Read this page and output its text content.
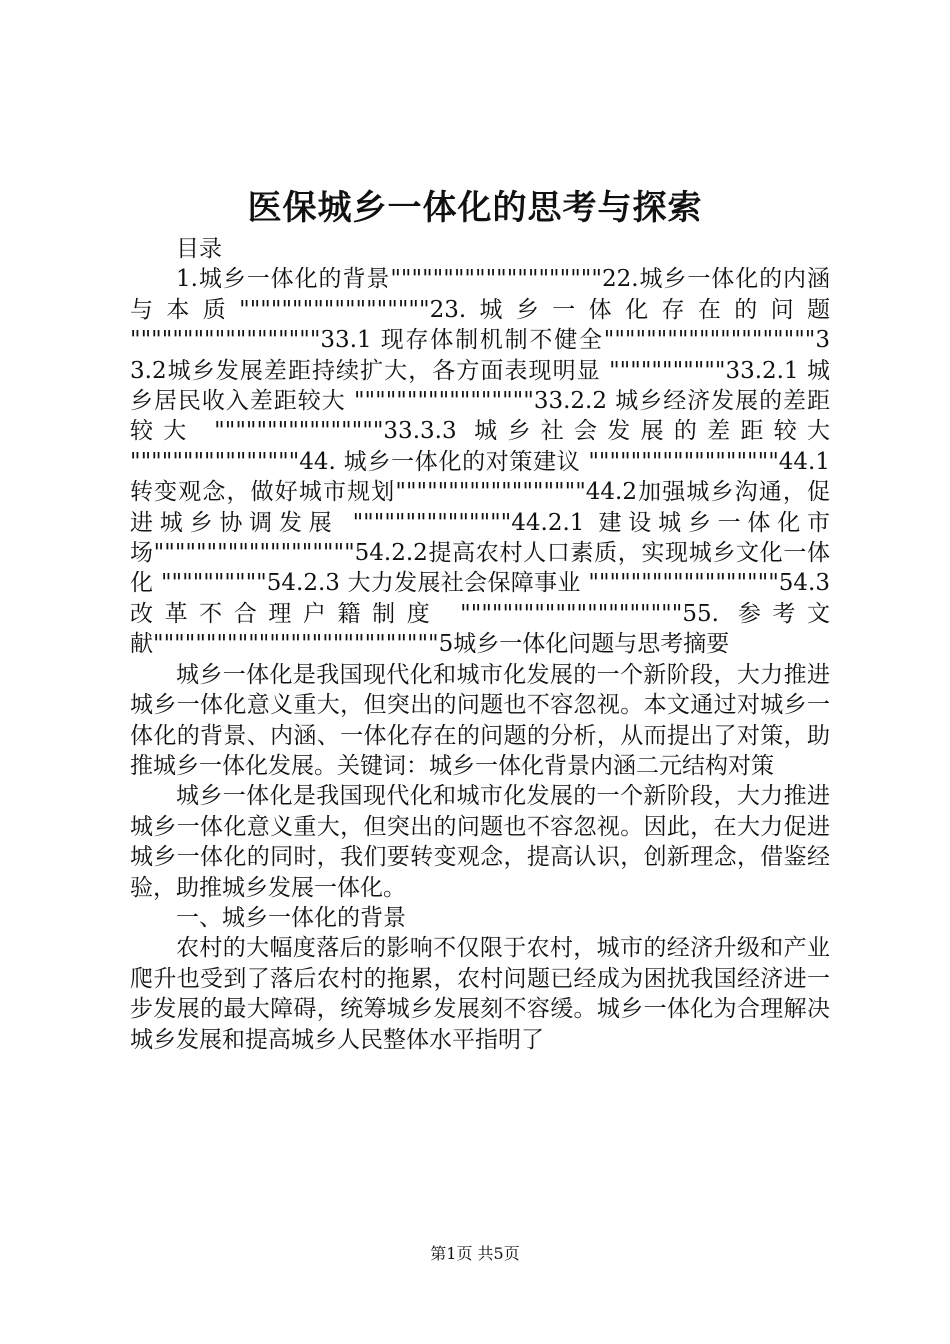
医保城乡一体化的思考与探索

目录

1.城乡一体化的背景""""""""""""""""""""22.城乡一体化的内涵与本质""""""""""""""""""23.城乡一体化存在的问题 """"""""""""""""""33.1 现存体制机制不健全""""""""""""""""""""33.2城乡发展差距持续扩大，各方面表现明显 """""""""""33.2.1 城乡居民收入差距较大 """""""""""""""""33.2.2 城乡经济发展的差距较大 """"""""""""""""33.3.3 城乡社会发展的差距较大 """"""""""""""""44. 城乡一体化的对策建议 """"""""""""""""""44.1 转变观念，做好城市规划""""""""""""""""""44.2加强城乡沟通，促进城乡协调发展 """""""""""""""44.2.1 建设城乡一体化市场"""""""""""""""""""54.2.2提高农村人口素质，实现城乡文化一体化 """"""""""54.2.3 大力发展社会保障事业 """"""""""""""""""54.3 改革不合理户籍制度 """""""""""""""""""""55. 参考文献"""""""""""""""""""""""""""5城乡一体化问题与思考摘要

城乡一体化是我国现代化和城市化发展的一个新阶段，大力推进城乡一体化意义重大，但突出的问题也不容忽视。本文通过对城乡一体化的背景、内涵、一体化存在的问题的分析，从而提出了对策，助推城乡一体化发展。关键词：城乡一体化背景内涵二元结构对策

城乡一体化是我国现代化和城市化发展的一个新阶段，大力推进城乡一体化意义重大，但突出的问题也不容忽视。因此，在大力促进城乡一体化的同时，我们要转变观念，提高认识，创新理念，借鉴经验，助推城乡发展一体化。

一、城乡一体化的背景

农村的大幅度落后的影响不仅限于农村，城市的经济升级和产业爬升也受到了落后农村的拖累，农村问题已经成为困扰我国经济进一步发展的最大障碍，统筹城乡发展刻不容缓。城乡一体化为合理解决城乡发展和提高城乡人民整体水平指明了

第1页 共5页
